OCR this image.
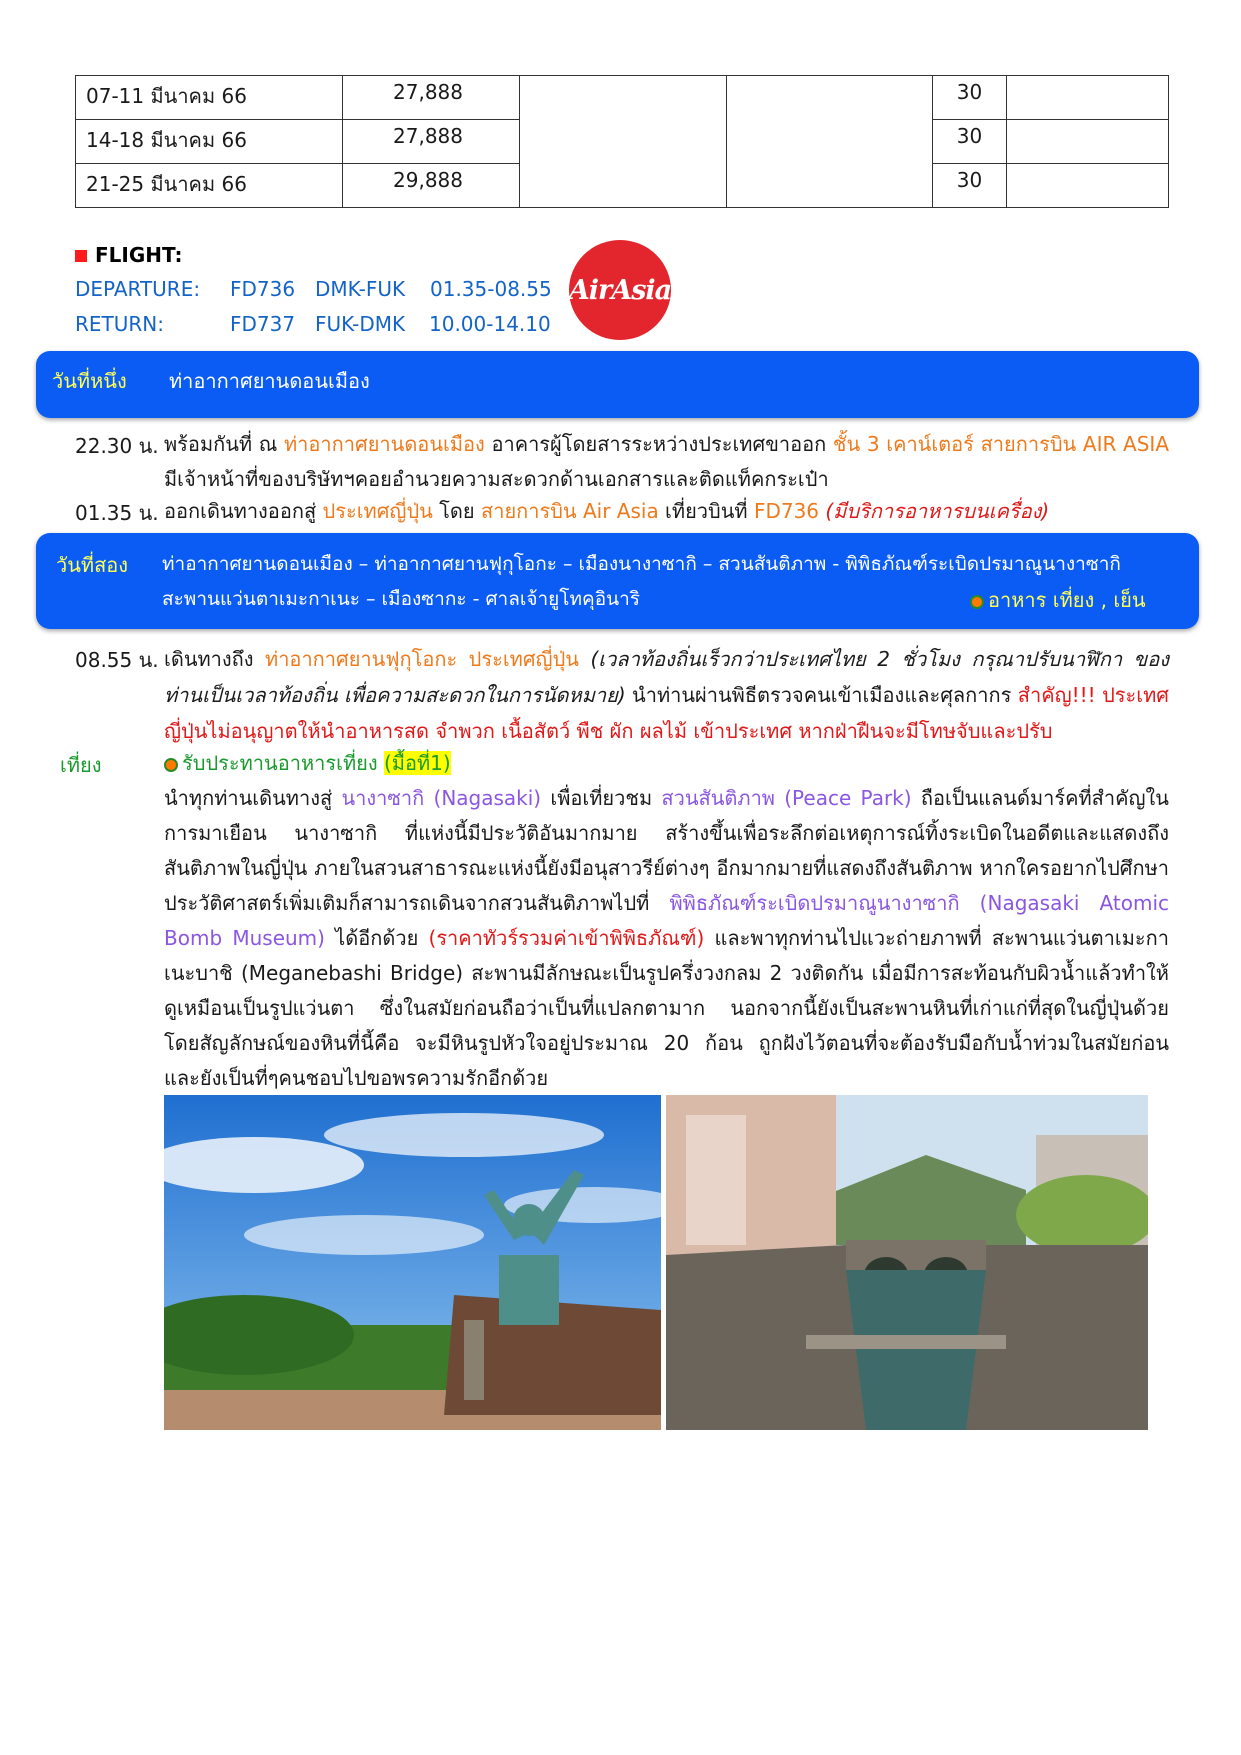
07-11 มีนาคม 66	27,888			30	
14-18 มีนาคม 66	27,888			30	
21-25 มีนาคม 66	29,888			30	
FLIGHT:
DEPARTURE: FD736 DMK-FUK 01.35-08.55
RETURN:	FD737 FUK-DMK 10.00-14.10
AirAsia
วันที่หนึ่ง ท่าอากาศยานดอนเมือง
22.30 น. พร้อมกันที่ ณ ท่าอากาศยานดอนเมือง อาคารผู้โดยสารระหว่างประเทศขาออก ชั้น 3 เคาน์เตอร์ สายการบิน AIR ASIA มีเจ้าหน้าที่ของบริษัทฯคอยอำนวยความสะดวกด้านเอกสารและติดแท็คกระเป๋า
01.35 น. ออกเดินทางออกสู่ ประเทศญี่ปุ่น โดย สายการบิน Air Asia เที่ยวบินที่ FD736 (มีบริการอาหารบนเครื่อง)
วันที่สอง ท่าอากาศยานดอนเมือง – ท่าอากาศยานฟุกุโอกะ – เมืองนางาซากิ – สวนสันติภาพ - พิพิธภัณฑ์ระเบิดปรมาณูนางาซากิ
สะพานแว่นตาเมะกาเนะ – เมืองซากะ - ศาลเจ้ายูโทคุอินาริ	อาหาร เที่ยง , เย็น
08.55 น. เดินทางถึง ท่าอากาศยานฟุกุโอกะ ประเทศญี่ปุ่น (เวลาท้องถิ่นเร็วกว่าประเทศไทย 2 ชั่วโมง กรุณาปรับนาฬิกา ของท่านเป็นเวลาท้องถิ่น เพื่อความสะดวกในการนัดหมาย) นำท่านผ่านพิธีตรวจคนเข้าเมืองและศุลกากร สำคัญ!!! ประเทศญี่ปุ่นไม่อนุญาตให้นำอาหารสด จำพวก เนื้อสัตว์ พืช ผัก ผลไม้ เข้าประเทศ หากฝ่าฝืนจะมีโทษจับและปรับ
เที่ยง	รับประทานอาหารเที่ยง (มื้อที่1)
นำทุกท่านเดินทางสู่ นางาซากิ (Nagasaki) เพื่อเที่ยวชม สวนสันติภาพ (Peace Park) ถือเป็นแลนด์มาร์คที่สำคัญในการมาเยือน นางาซากิ ที่แห่งนี้มีประวัติอันมากมาย สร้างขึ้นเพื่อระลึกต่อเหตุการณ์ทิ้งระเบิดในอดีตและแสดงถึงสันติภาพในญี่ปุ่น ภายในสวนสาธารณะแห่งนี้ยังมีอนุสาวรีย์ต่างๆ อีกมากมายที่แสดงถึงสันติภาพ หากใครอยากไปศึกษาประวัติศาสตร์เพิ่มเติมก็สามารถเดินจากสวนสันติภาพไปที่ พิพิธภัณฑ์ระเบิดปรมาณูนางาซากิ (Nagasaki Atomic Bomb Museum) ได้อีกด้วย (ราคาทัวร์รวมค่าเข้าพิพิธภัณฑ์) และพาทุกท่านไปแวะถ่ายภาพที่ สะพานแว่นตาเมะกาเนะบาชิ (Meganebashi Bridge) สะพานมีลักษณะเป็นรูปครึ่งวงกลม 2 วงติดกัน เมื่อมีการสะท้อนกับผิวน้ำแล้วทำให้ดูเหมือนเป็นรูปแว่นตา ซึ่งในสมัยก่อนถือว่าเป็นที่แปลกตามาก นอกจากนี้ยังเป็นสะพานหินที่เก่าแก่ที่สุดในญี่ปุ่นด้วย โดยสัญลักษณ์ของหินที่นี้คือ จะมีหินรูปหัวใจอยู่ประมาณ 20 ก้อน ถูกฝังไว้ตอนที่จะต้องรับมือกับน้ำท่วมในสมัยก่อน และยังเป็นที่ๆคนชอบไปขอพรความรักอีกด้วย
